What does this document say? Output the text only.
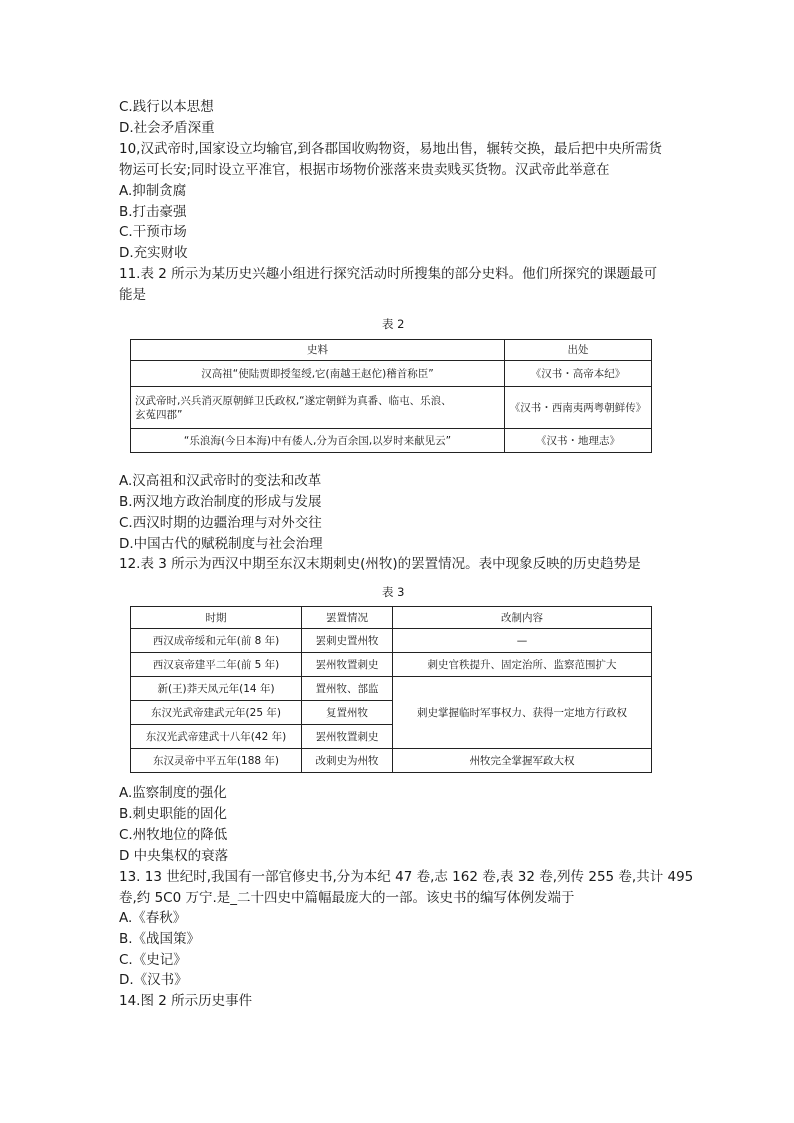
C.践行以本思想
D.社会矛盾深重
10,汉武帝时,国家设立均输官,到各郡国收购物资，易地出售，辗转交换，最后把中央所需货
物运可长安;同时设立平准官，根据市场物价涨落来贵卖贱买货物。汉武帝此举意在
A.抑制贪腐
B.打击豪强
C.干预市场
D.充实财收
11.表 2 所示为某历史兴趣小组进行探究活动时所搜集的部分史料。他们所探究的课题最可
能是
表 2
史料	出处
汉高祖“使陆贾即授玺绶,它(南越王赵佗)稽首称臣”	《汉书・高帝本纪》

汉武帝时,兴兵消灭原朝鲜卫氏政权,“遂定朝鲜为真番、临屯、乐浪、
玄菟四郡”	《汉书・西南夷两粤朝鲜传》
“乐浪海(今日本海)中有倭人,分为百余国,以岁时来献见云”	《汉书・地理志》
A.汉高祖和汉武帝时的变法和改革
B.两汉地方政治制度的形成与发展
C.西汉时期的边疆治理与对外交往
D.中国古代的赋税制度与社会治理
12.表 3 所示为西汉中期至东汉末期刺史(州牧)的罢置情况。表中现象反映的历史趋势是
表 3
时期	罢置情况	改制内容
西汉成帝绥和元年(前 8 年)	罢刺史置州牧	—
西汉哀帝建平二年(前 5 年)	罢州牧置刺史	刺史官秩提升、固定治所、监察范围扩大
新(王)莽天凤元年(14 年)	置州牧、部监	刺史掌握临时军事权力、获得一定地方行政权
东汉光武帝建武元年(25 年)	复置州牧	
东汉光武帝建武十八年(42 年)	罢州牧置刺史	
东汉灵帝中平五年(188 年)	改刺史为州牧	州牧完全掌握军政大权
A.监察制度的强化
B.刺史职能的固化
C.州牧地位的降低
D 中央集权的衰落
13. 13 世纪时,我国有一部官修史书,分为本纪 47 卷,志 162 卷,表 32 卷,列传 255 卷,共计 495
卷,约 5C0 万宁.是_二十四史中篇幅最庞大的一部。该史书的编写体例发端于
A.《春秋》
B.《战国策》
C.《史记》
D.《汉书》
14.图 2 所示历史事件
